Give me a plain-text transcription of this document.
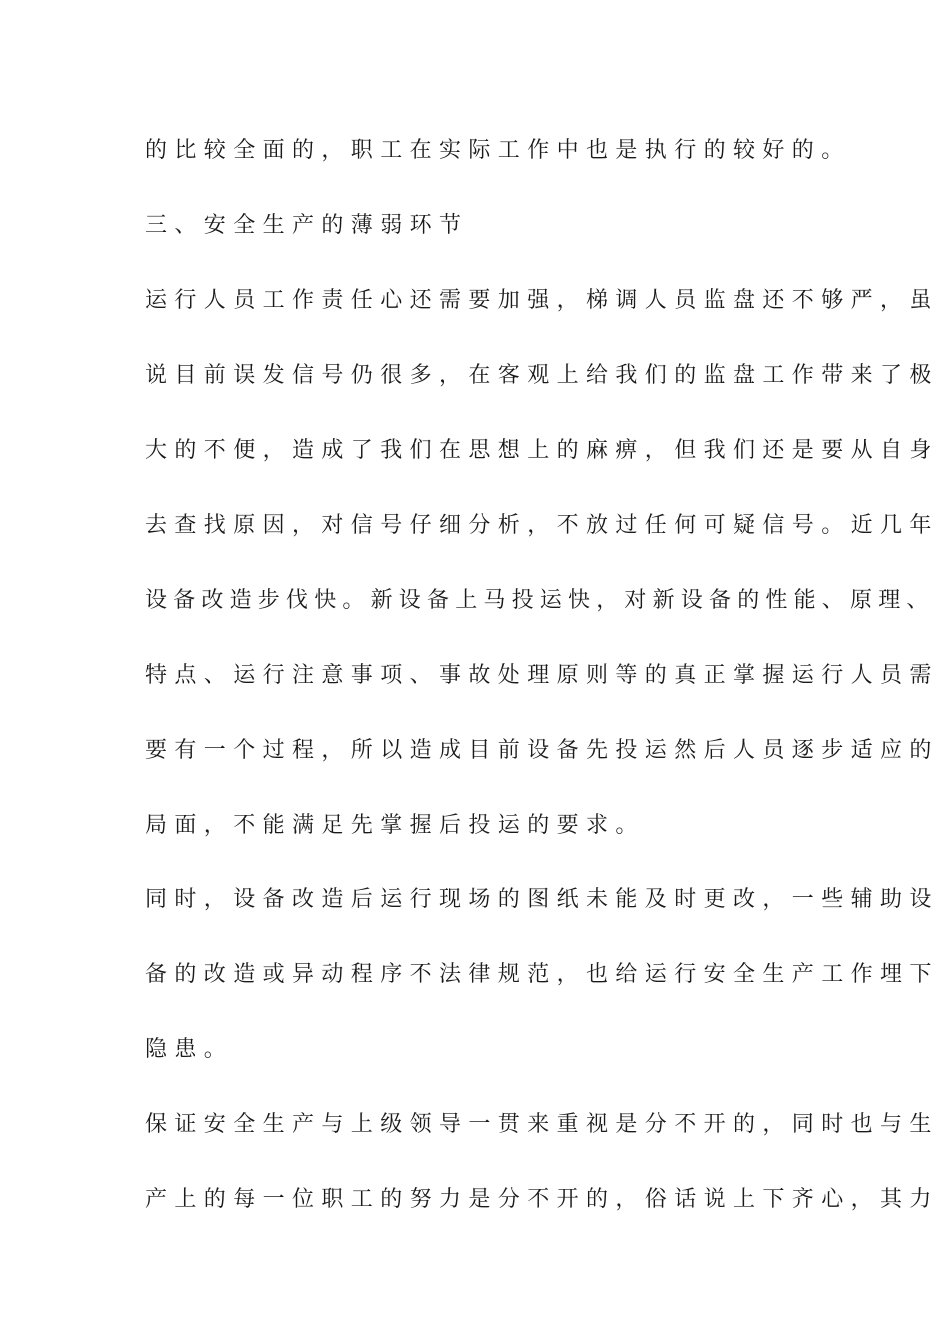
的比较全面的，职工在实际工作中也是执行的较好的。
三、安全生产的薄弱环节
运行人员工作责任心还需要加强，梯调人员监盘还不够严，虽
说目前误发信号仍很多，在客观上给我们的监盘工作带来了极
大的不便，造成了我们在思想上的麻痹，但我们还是要从自身
去查找原因，对信号仔细分析，不放过任何可疑信号。近几年
设备改造步伐快。新设备上马投运快，对新设备的性能、原理、
特点、运行注意事项、事故处理原则等的真正掌握运行人员需
要有一个过程，所以造成目前设备先投运然后人员逐步适应的
局面，不能满足先掌握后投运的要求。
同时，设备改造后运行现场的图纸未能及时更改，一些辅助设
备的改造或异动程序不法律规范，也给运行安全生产工作埋下
隐患。
保证安全生产与上级领导一贯来重视是分不开的，同时也与生
产上的每一位职工的努力是分不开的，俗话说上下齐心，其力
